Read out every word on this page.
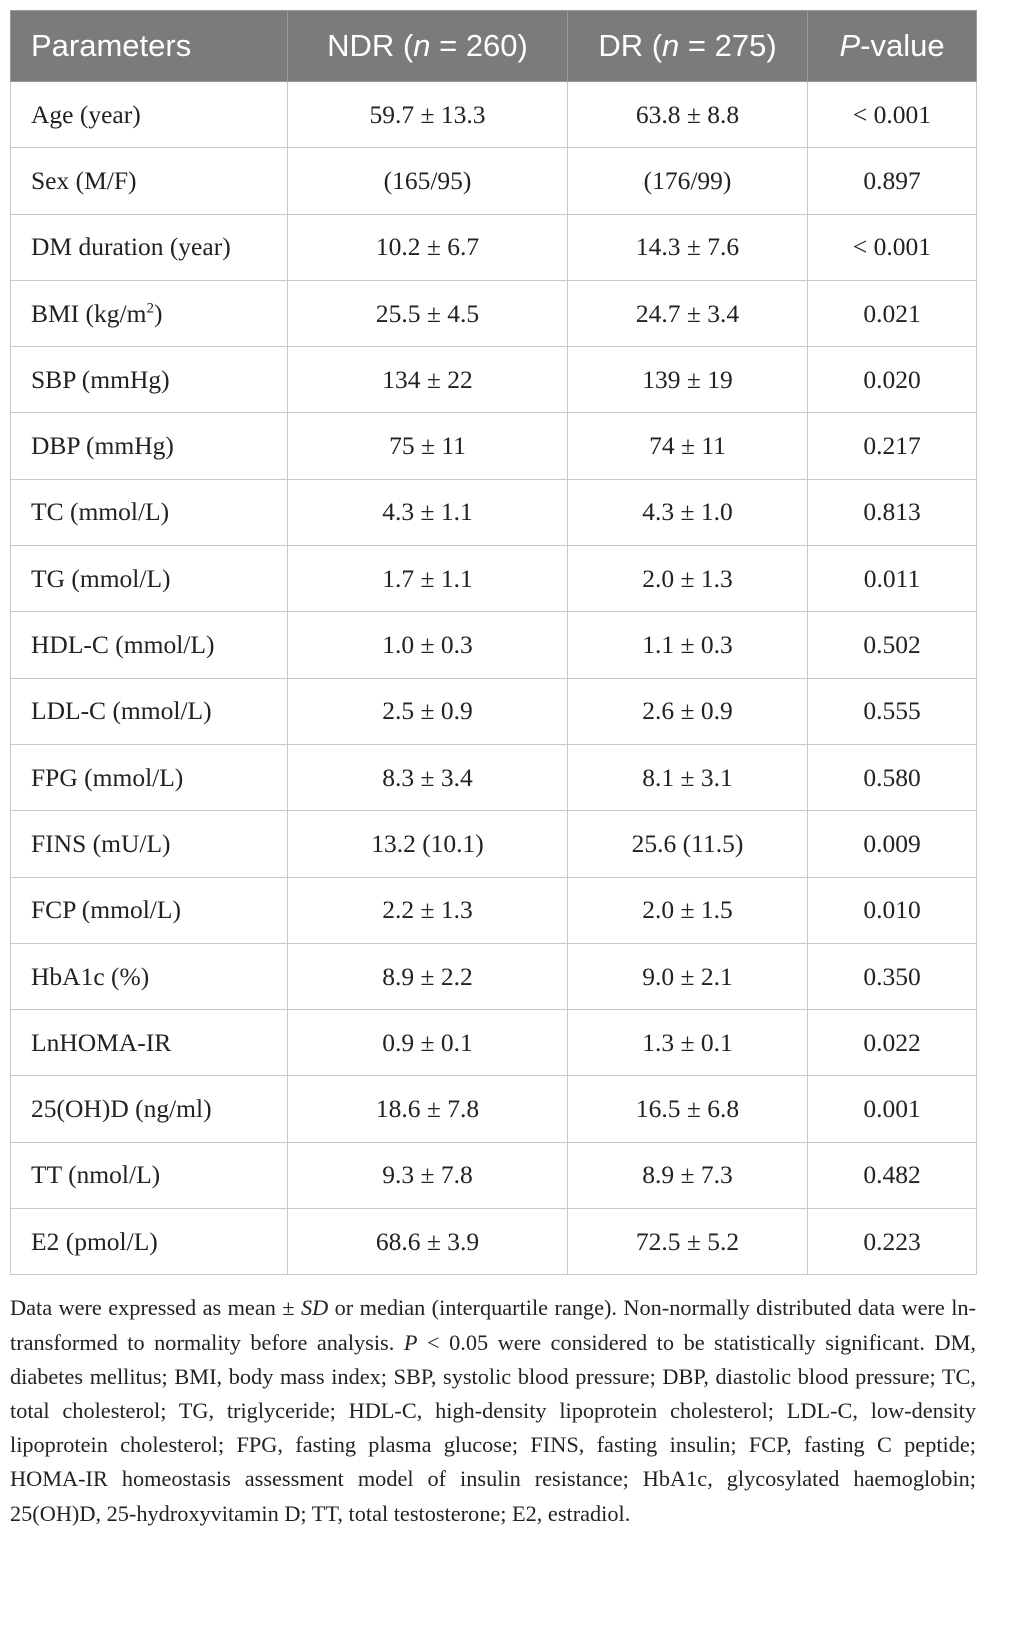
Parameters	NDR (n = 260)	DR (n = 275)	P-value
Age (year)	59.7 ± 13.3	63.8 ± 8.8	< 0.001
Sex (M/F)	(165/95)	(176/99)	0.897
DM duration (year)	10.2 ± 6.7	14.3 ± 7.6	< 0.001
BMI $(kg/m^2)$	25.5 ± 4.5	24.7 ± 3.4	0.021
SBP (mmHg)	134 ± 22	139 ± 19	0.020
DBP (mmHg)	75 ± 11	74 ± 11	0.217
TC (mmol/L)	4.3 ± 1.1	4.3 ± 1.0	0.813
TG (mmol/L)	1.7 ± 1.1	2.0 ± 1.3	0.011
HDL-C (mmol/L)	1.0 ± 0.3	1.1 ± 0.3	0.502
LDL-C (mmol/L)	2.5 ± 0.9	2.6 ± 0.9	0.555
FPG (mmol/L)	8.3 ± 3.4	8.1 ± 3.1	0.580
FINS (mU/L)	13.2 (10.1)	25.6 (11.5)	0.009
FCP (mmol/L)	2.2 ± 1.3	2.0 ± 1.5	0.010
HbA1c (%)	8.9 ± 2.2	9.0 ± 2.1	0.350
LnHOMA-IR	0.9 ± 0.1	1.3 ± 0.1	0.022
25(OH)D (ng/ml)	18.6 ± 7.8	16.5 ± 6.8	0.001
TT (nmol/L)	9.3 ± 7.8	8.9 ± 7.3	0.482
E2 (pmol/L)	68.6 ± 3.9	72.5 ± 5.2	0.223
Data were expressed as mean ± SD or median (interquartile range). Non-normally distributed data were ln-transformed to normality before analysis. P < 0.05 were considered to be statistically significant. DM, diabetes mellitus; BMI, body mass index; SBP, systolic blood pressure; DBP, diastolic blood pressure; TC, total cholesterol; TG, triglyceride; HDL-C, high-density lipoprotein cholesterol; LDL-C, low-density lipoprotein cholesterol; FPG, fasting plasma glucose; FINS, fasting insulin; FCP, fasting C peptide; HOMA-IR homeostasis assessment model of insulin resistance; HbA1c, glycosylated haemoglobin; 25(OH)D, 25-hydroxyvitamin D; TT, total testosterone; E2, estradiol.
